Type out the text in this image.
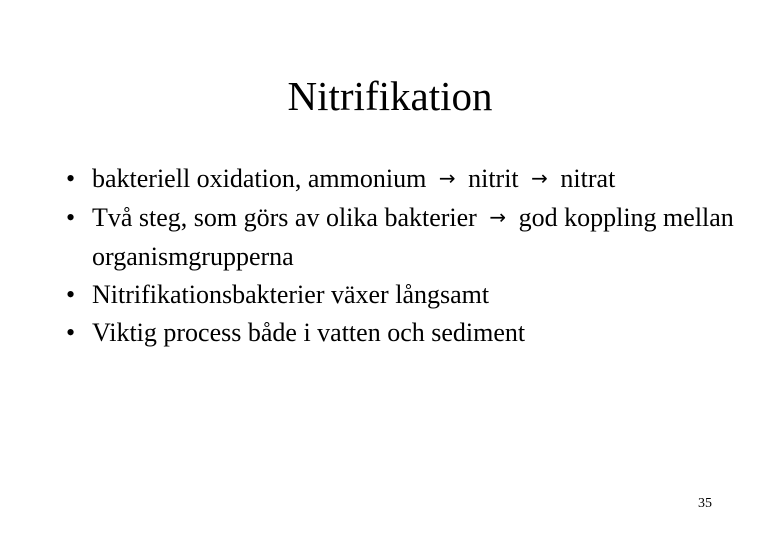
Nitrifikation
• bakteriell oxidation, ammonium → nitrit → nitrat
• Två steg, som görs av olika bakterier → god koppling mellan organismgrupperna
• Nitrifikationsbakterier växer långsamt
• Viktig process både i vatten och sediment
35
